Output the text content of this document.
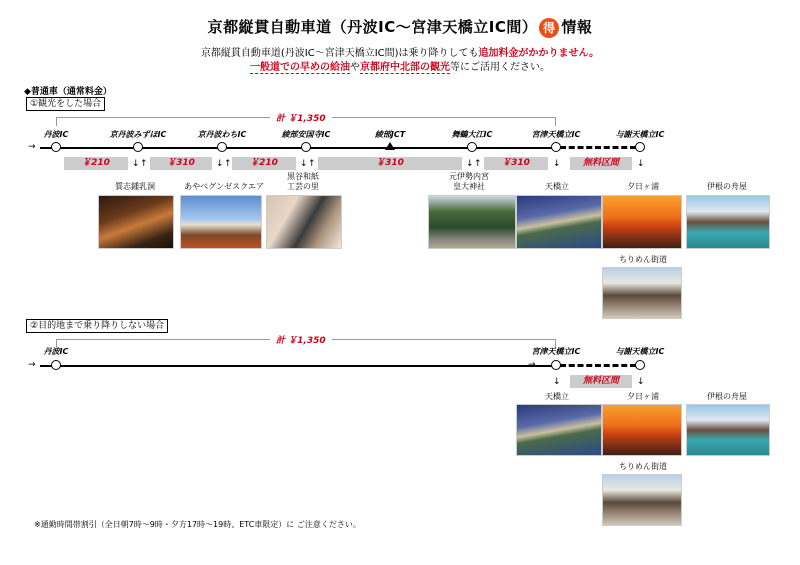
京都縦貫自動車道（丹波IC～宮津天橋立IC間） 得 情報
京都縦貫自動車道(丹波IC～宮津天橋立IC間)は乗り降りしても追加料金がかかりません。
一般道での早めの給油や京都府中北部の観光等にご活用ください。
◆普通車（通常料金）
①観光をした場合
計 ￥1,350
丹波IC	京丹波みずほIC	京丹波わちIC	綾部安国寺IC	綾部JCT	舞鶴大江IC	宮津天橋立IC	与謝天橋立IC
→
￥210	￥310	￥210	￥310	￥310	無料区間
↓ ↑	↓ ↑	↓ ↑	↓ ↑	↓	↓
質志鍾乳洞	あやべグンゼスクエア
黒谷和紙
工芸の里
元伊勢内宮
皇大神社	天橋立	夕日ヶ浦	伊根の舟屋
ちりめん街道
②目的地まで乗り降りしない場合
計 ￥1,350
丹波IC	宮津天橋立IC	与謝天橋立IC
→	→
無料区間
↓	↓
天橋立	夕日ヶ浦	伊根の舟屋
ちりめん街道
※通勤時間帯割引（全日朝7時～9時・夕方17時～19時、ETC車限定）に ご注意ください。
